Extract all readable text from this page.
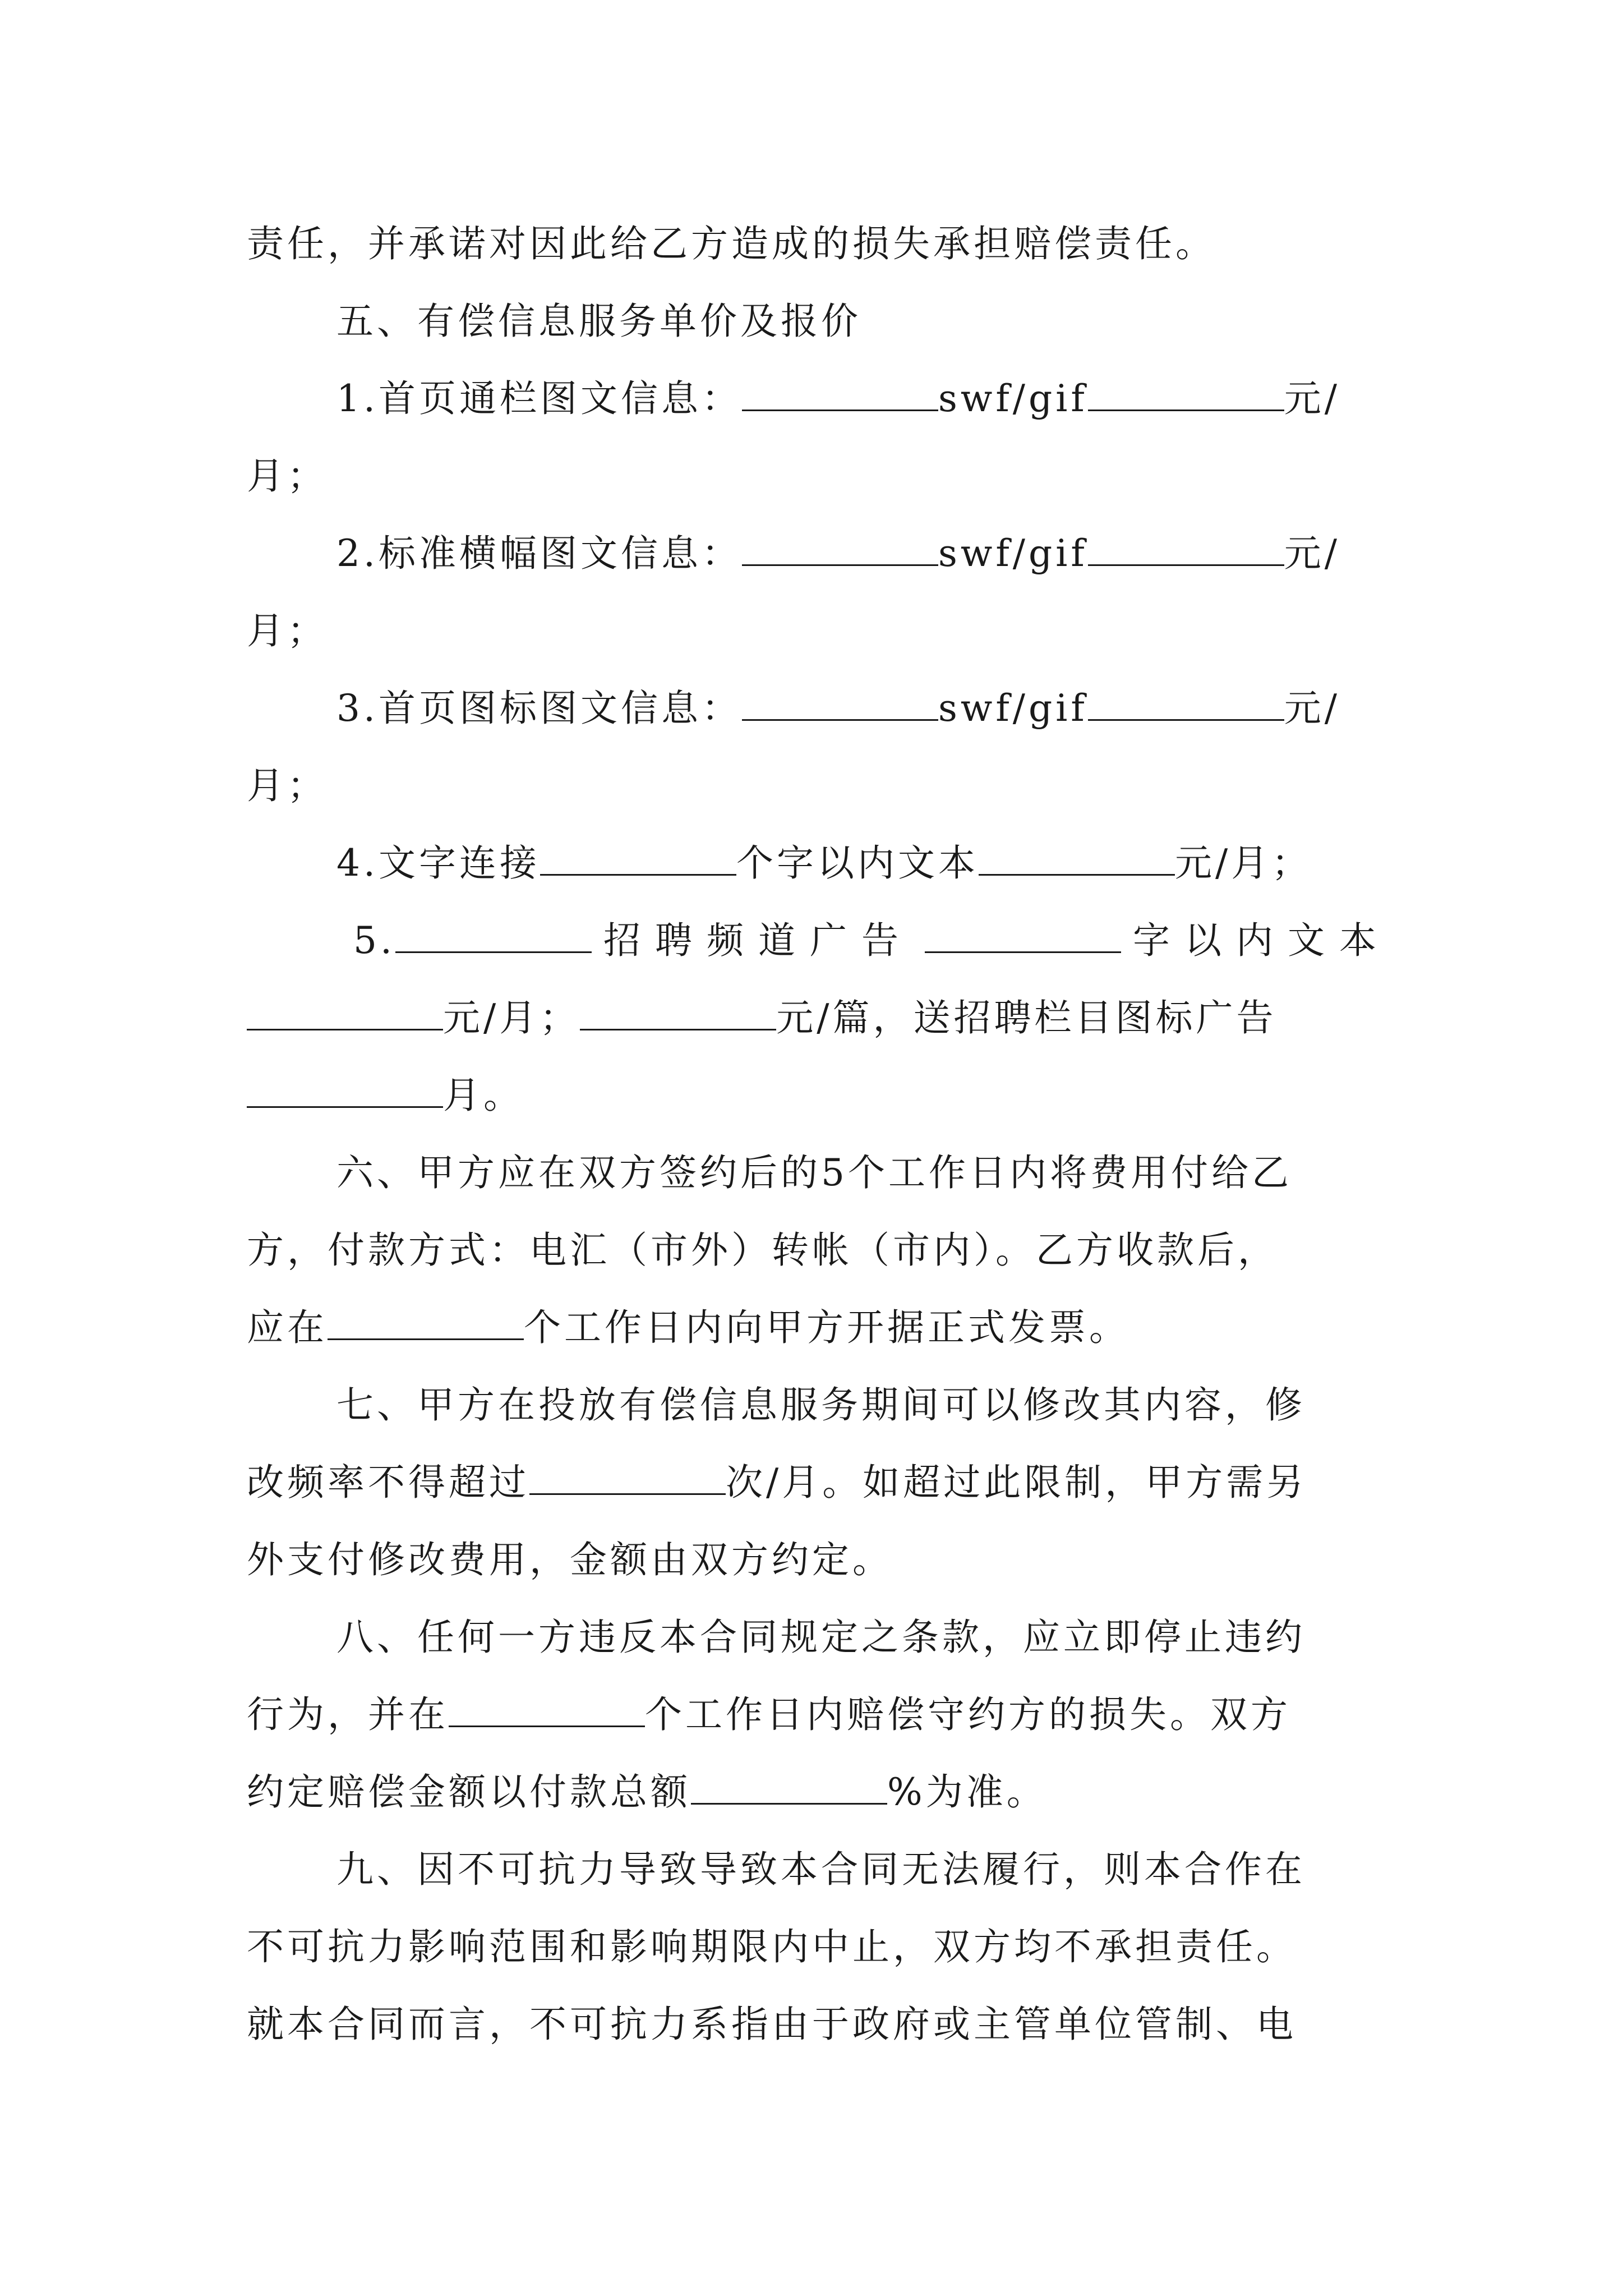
责任，并承诺对因此给乙方造成的损失承担赔偿责任。
五、有偿信息服务单价及报价
1.首页通栏图文信息：	swf/gif	元/
月；
2.标准横幅图文信息：	swf/gif	元/
月；
3.首页图标图文信息：	swf/gif	元/
月；
4.文字连接	个字以内文本	元/月；
5.	招聘频道广告	字以内文本
元/月；	元/篇，送招聘栏目图标广告
月。
六、甲方应在双方签约后的5个工作日内将费用付给乙
方，付款方式：电汇（市外）转帐（市内）。乙方收款后，
应在	个工作日内向甲方开据正式发票。
七、甲方在投放有偿信息服务期间可以修改其内容，修
改频率不得超过	次/月。如超过此限制，甲方需另
外支付修改费用，金额由双方约定。
八、任何一方违反本合同规定之条款，应立即停止违约
行为，并在	个工作日内赔偿守约方的损失。双方
约定赔偿金额以付款总额	%为准。
九、因不可抗力导致导致本合同无法履行，则本合作在
不可抗力影响范围和影响期限内中止，双方均不承担责任。
就本合同而言，不可抗力系指由于政府或主管单位管制、电
